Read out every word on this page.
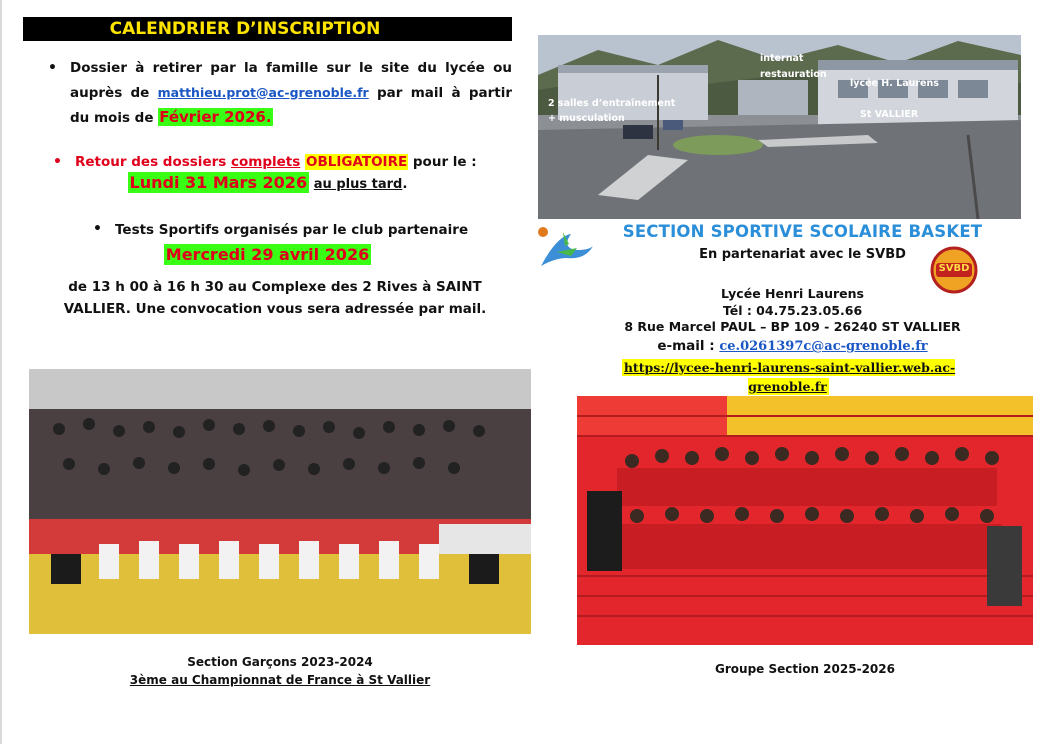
CALENDRIER D’INSCRIPTION
• Dossier à retirer par la famille sur le site du lycée ou auprès de matthieu.prot@ac-grenoble.fr par mail à partir du mois de Février 2026.
• Retour des dossiers complets OBLIGATOIRE pour le :
Lundi 31 Mars 2026 au plus tard.
• Tests Sportifs organisés par le club partenaire
Mercredi 29 avril 2026
de 13 h 00 à 16 h 30 au Complexe des 2 Rives à SAINT VALLIER. Une convocation vous sera adressée par mail.
2 salles d’entraînement
+ musculation
internat
restauration
lycée H. Laurens
St VALLIER
SECTION SPORTIVE SCOLAIRE BASKET
En partenariat avec le SVBD
SVBD
Lycée Henri Laurens
Tél : 04.75.23.05.66
8 Rue Marcel PAUL – BP 109 - 26240 ST VALLIER
e-mail : ce.0261397c@ac-grenoble.fr
https://lycee-henri-laurens-saint-vallier.web.ac-grenoble.fr
Section Garçons 2023-2024
3ème au Championnat de France à St Vallier
Groupe Section 2025-2026
